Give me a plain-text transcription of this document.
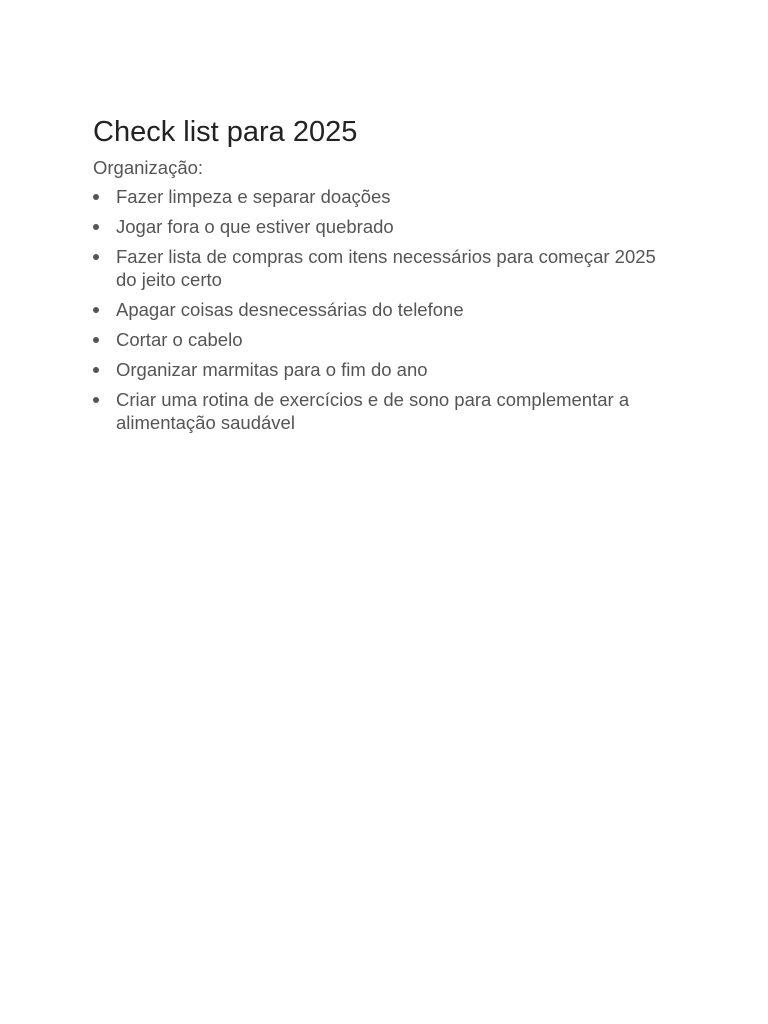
Check list para 2025

Organização:

Fazer limpeza e separar doações
Jogar fora o que estiver quebrado
Fazer lista de compras com itens necessários para começar 2025 do jeito certo
Apagar coisas desnecessárias do telefone
Cortar o cabelo
Organizar marmitas para o fim do ano
Criar uma rotina de exercícios e de sono para complementar a alimentação saudável
